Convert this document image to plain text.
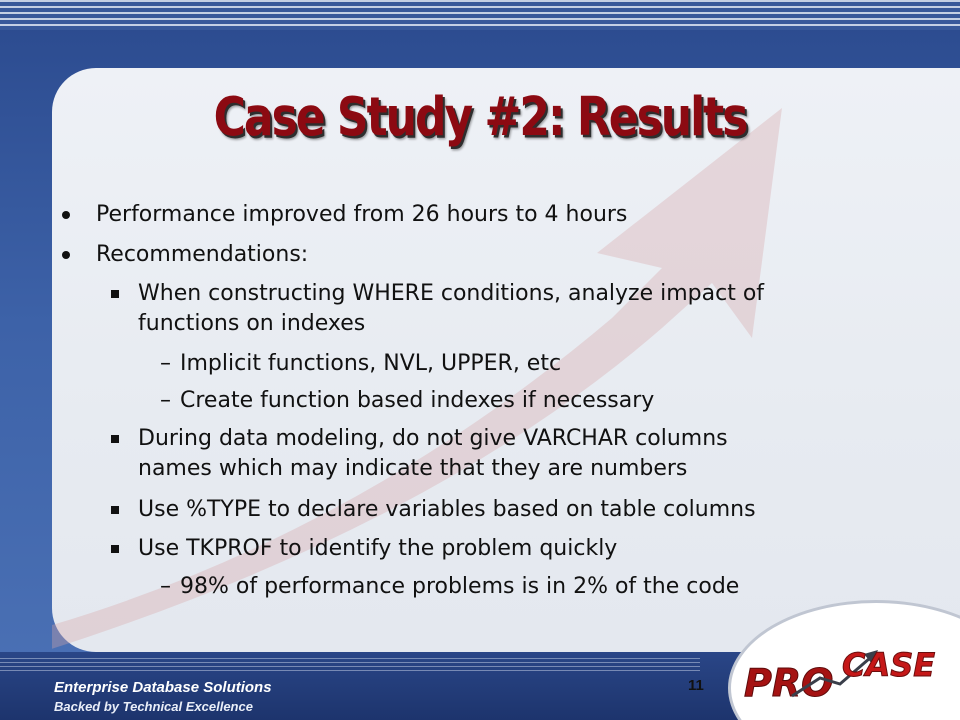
Case Study #2: Results
Performance improved from 26 hours to 4 hours
Recommendations:
When constructing WHERE conditions, analyze impact of
functions on indexes
– Implicit functions, NVL, UPPER, etc
– Create function based indexes if necessary
During data modeling, do not give VARCHAR columns
names which may indicate that they are numbers
Use %TYPE to declare variables based on table columns
Use TKPROF to identify the problem quickly
– 98% of performance problems is in 2% of the code
Enterprise Database Solutions
Backed by Technical Excellence
11 PRO CASE
